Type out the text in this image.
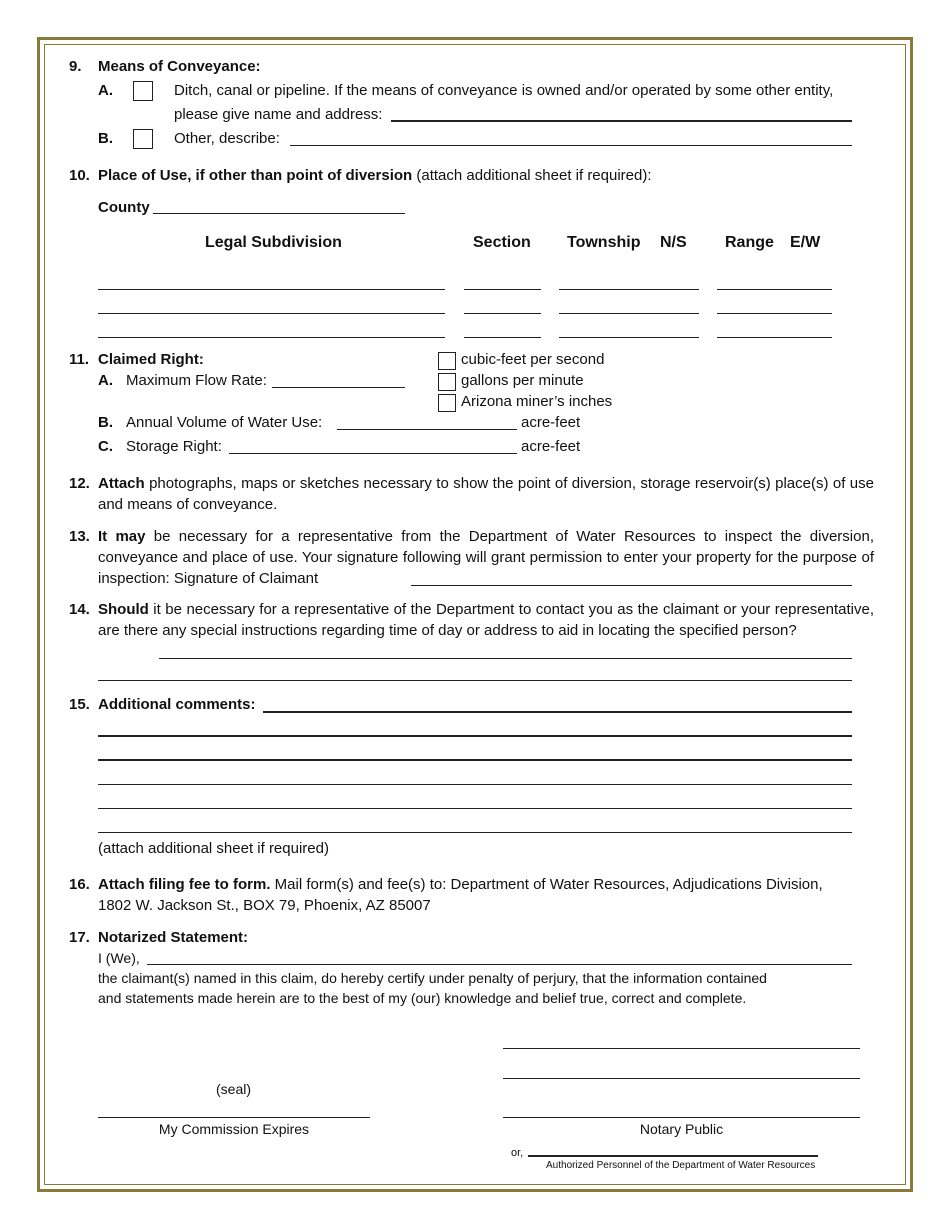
9. Means of Conveyance:
A.	Ditch, canal or pipeline. If the means of conveyance is owned and/or operated by some other entity,
please give name and address:
B.	Other, describe:
10. Place of Use, if other than point of diversion (attach additional sheet if required):
County
Legal Subdivision	Section Township N/S Range E/W
11. Claimed Right:
A. Maximum Flow Rate:
cubic-feet per second
gallons per minute
Arizona miner’s inches
B. Annual Volume of Water Use:	acre-feet
C. Storage Right:	acre-feet
12. Attach photographs, maps or sketches necessary to show the point of diversion, storage reservoir(s) place(s) of use and means of conveyance.
13. It may be necessary for a representative from the Department of Water Resources to inspect the diversion, conveyance and place of use. Your signature following will grant permission to enter your property for the purpose of inspection: Signature of Claimant
14. Should it be necessary for a representative of the Department to contact you as the claimant or your representative, are there any special instructions regarding time of day or address to aid in locating the specified person?
15. Additional comments:
(attach additional sheet if required)
16. Attach filing fee to form. Mail form(s) and fee(s) to: Department of Water Resources, Adjudications Division,
1802 W. Jackson St., BOX 79, Phoenix, AZ 85007
17. Notarized Statement:
I (We),
the claimant(s) named in this claim, do hereby certify under penalty of perjury, that the information contained
and statements made herein are to the best of my (our) knowledge and belief true, correct and complete.
(seal)
My Commission Expires	Notary Public
or,
Authorized Personnel of the Department of Water Resources
